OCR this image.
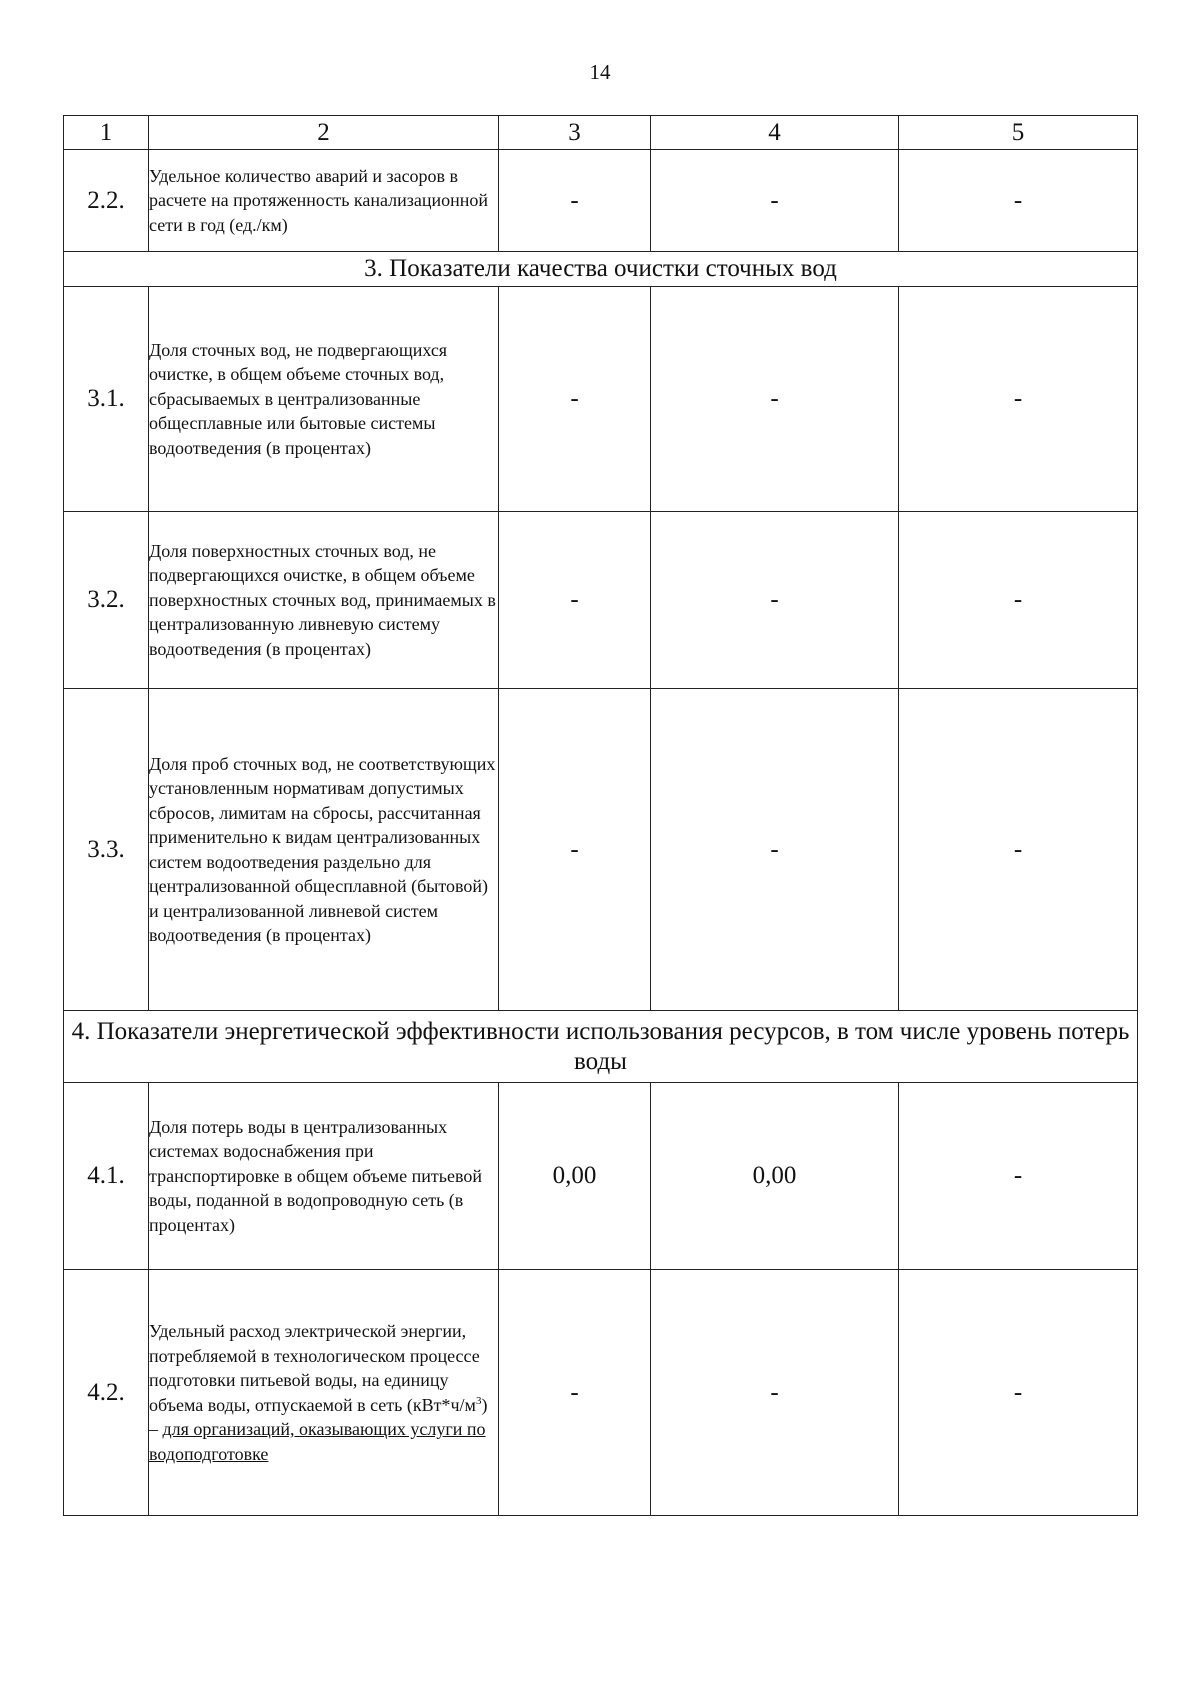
14
1	2	3	4	5
2.2.	Удельное количество аварий и засоров в расчете на протяженность канализационной сети в год (ед./км)	-	-	-
3. Показатели качества очистки сточных вод				
3.1.	Доля сточных вод, не подвергающихся очистке, в общем объеме сточных вод, сбрасываемых в централизованные общесплавные или бытовые системы водоотведения (в процентах)	-	-	-
3.2.	Доля поверхностных сточных вод, не подвергающихся очистке, в общем объеме поверхностных сточных вод, принимаемых в централизованную ливневую систему водоотведения (в процентах)	-	-	-
3.3.	Доля проб сточных вод, не соответствующих установленным нормативам допустимых сбросов, лимитам на сбросы, рассчитанная применительно к видам централизованных систем водоотведения раздельно для централизованной общесплавной (бытовой) и централизованной ливневой систем водоотведения (в процентах)	-	-	-
4. Показатели энергетической эффективности использования ресурсов, в том числе уровень потерь воды				
4.1.	Доля потерь воды в централизованных системах водоснабжения при транспортировке в общем объеме питьевой воды, поданной в водопроводную сеть (в процентах)	0,00	0,00	-
4.2.	Удельный расход электрической энергии, потребляемой в технологическом процессе подготовки питьевой воды, на единицу объема воды, отпускаемой в сеть $(кВт*ч/м^3)$ – для организаций, оказывающих услуги по водоподготовке	-	-	-
